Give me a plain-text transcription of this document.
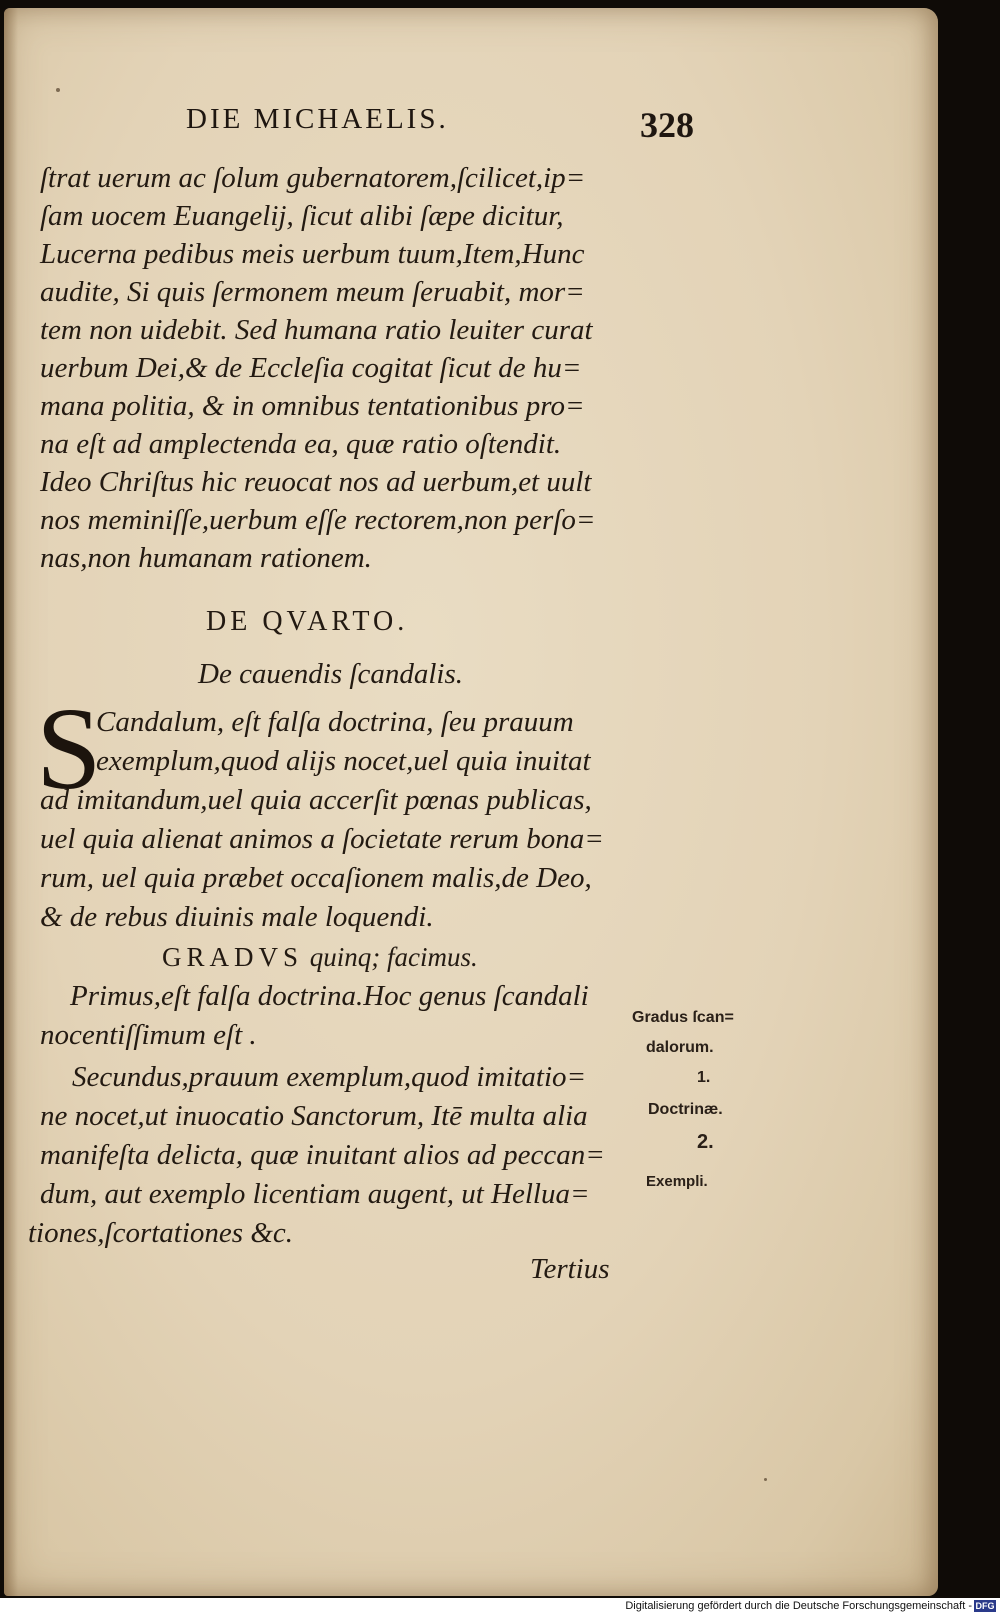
DIE MICHAELIS.	328
ſtrat uerum ac ſolum gubernatorem,ſcilicet,ip=
ſam uocem Euangelij, ſicut alibi ſæpe dicitur,
Lucerna pedibus meis uerbum tuum,Item,Hunc
audite, Si quis ſermonem meum ſeruabit, mor=
tem non uidebit. Sed humana ratio leuiter curat
uerbum Dei,& de Eccleſia cogitat ſicut de hu=
mana politia, & in omnibus tentationibus pro=
na eſt ad amplectenda ea, quæ ratio oſtendit.
Ideo Chriſtus hic reuocat nos ad uerbum,et uult
nos meminiſſe,uerbum eſſe rectorem,non perſo=
nas,non humanam rationem.
DE QVARTO.
De cauendis ſcandalis.
S
Candalum, eſt falſa doctrina, ſeu prauum
exemplum,quod alijs nocet,uel quia inuitat
ad imitandum,uel quia accerſit pœnas publicas,
uel quia alienat animos a ſocietate rerum bona=
rum, uel quia præbet occaſionem malis,de Deo,
& de rebus diuinis male loquendi.
GRADVS quinq; facimus.
Primus,eſt falſa doctrina.Hoc genus ſcandali
nocentiſſimum eſt .
Secundus,prauum exemplum,quod imitatio=
ne nocet,ut inuocatio Sanctorum, Itē multa alia
manifeſta delicta, quæ inuitant alios ad peccan=
dum, aut exemplo licentiam augent, ut Hellua=
tiones,ſcortationes &c.
Gradus ſcan=
dalorum.
1.
Doctrinæ.
2.
Exempli.
Tertius
Digitalisierung gefördert durch die Deutsche Forschungsgemeinschaft - DFG
